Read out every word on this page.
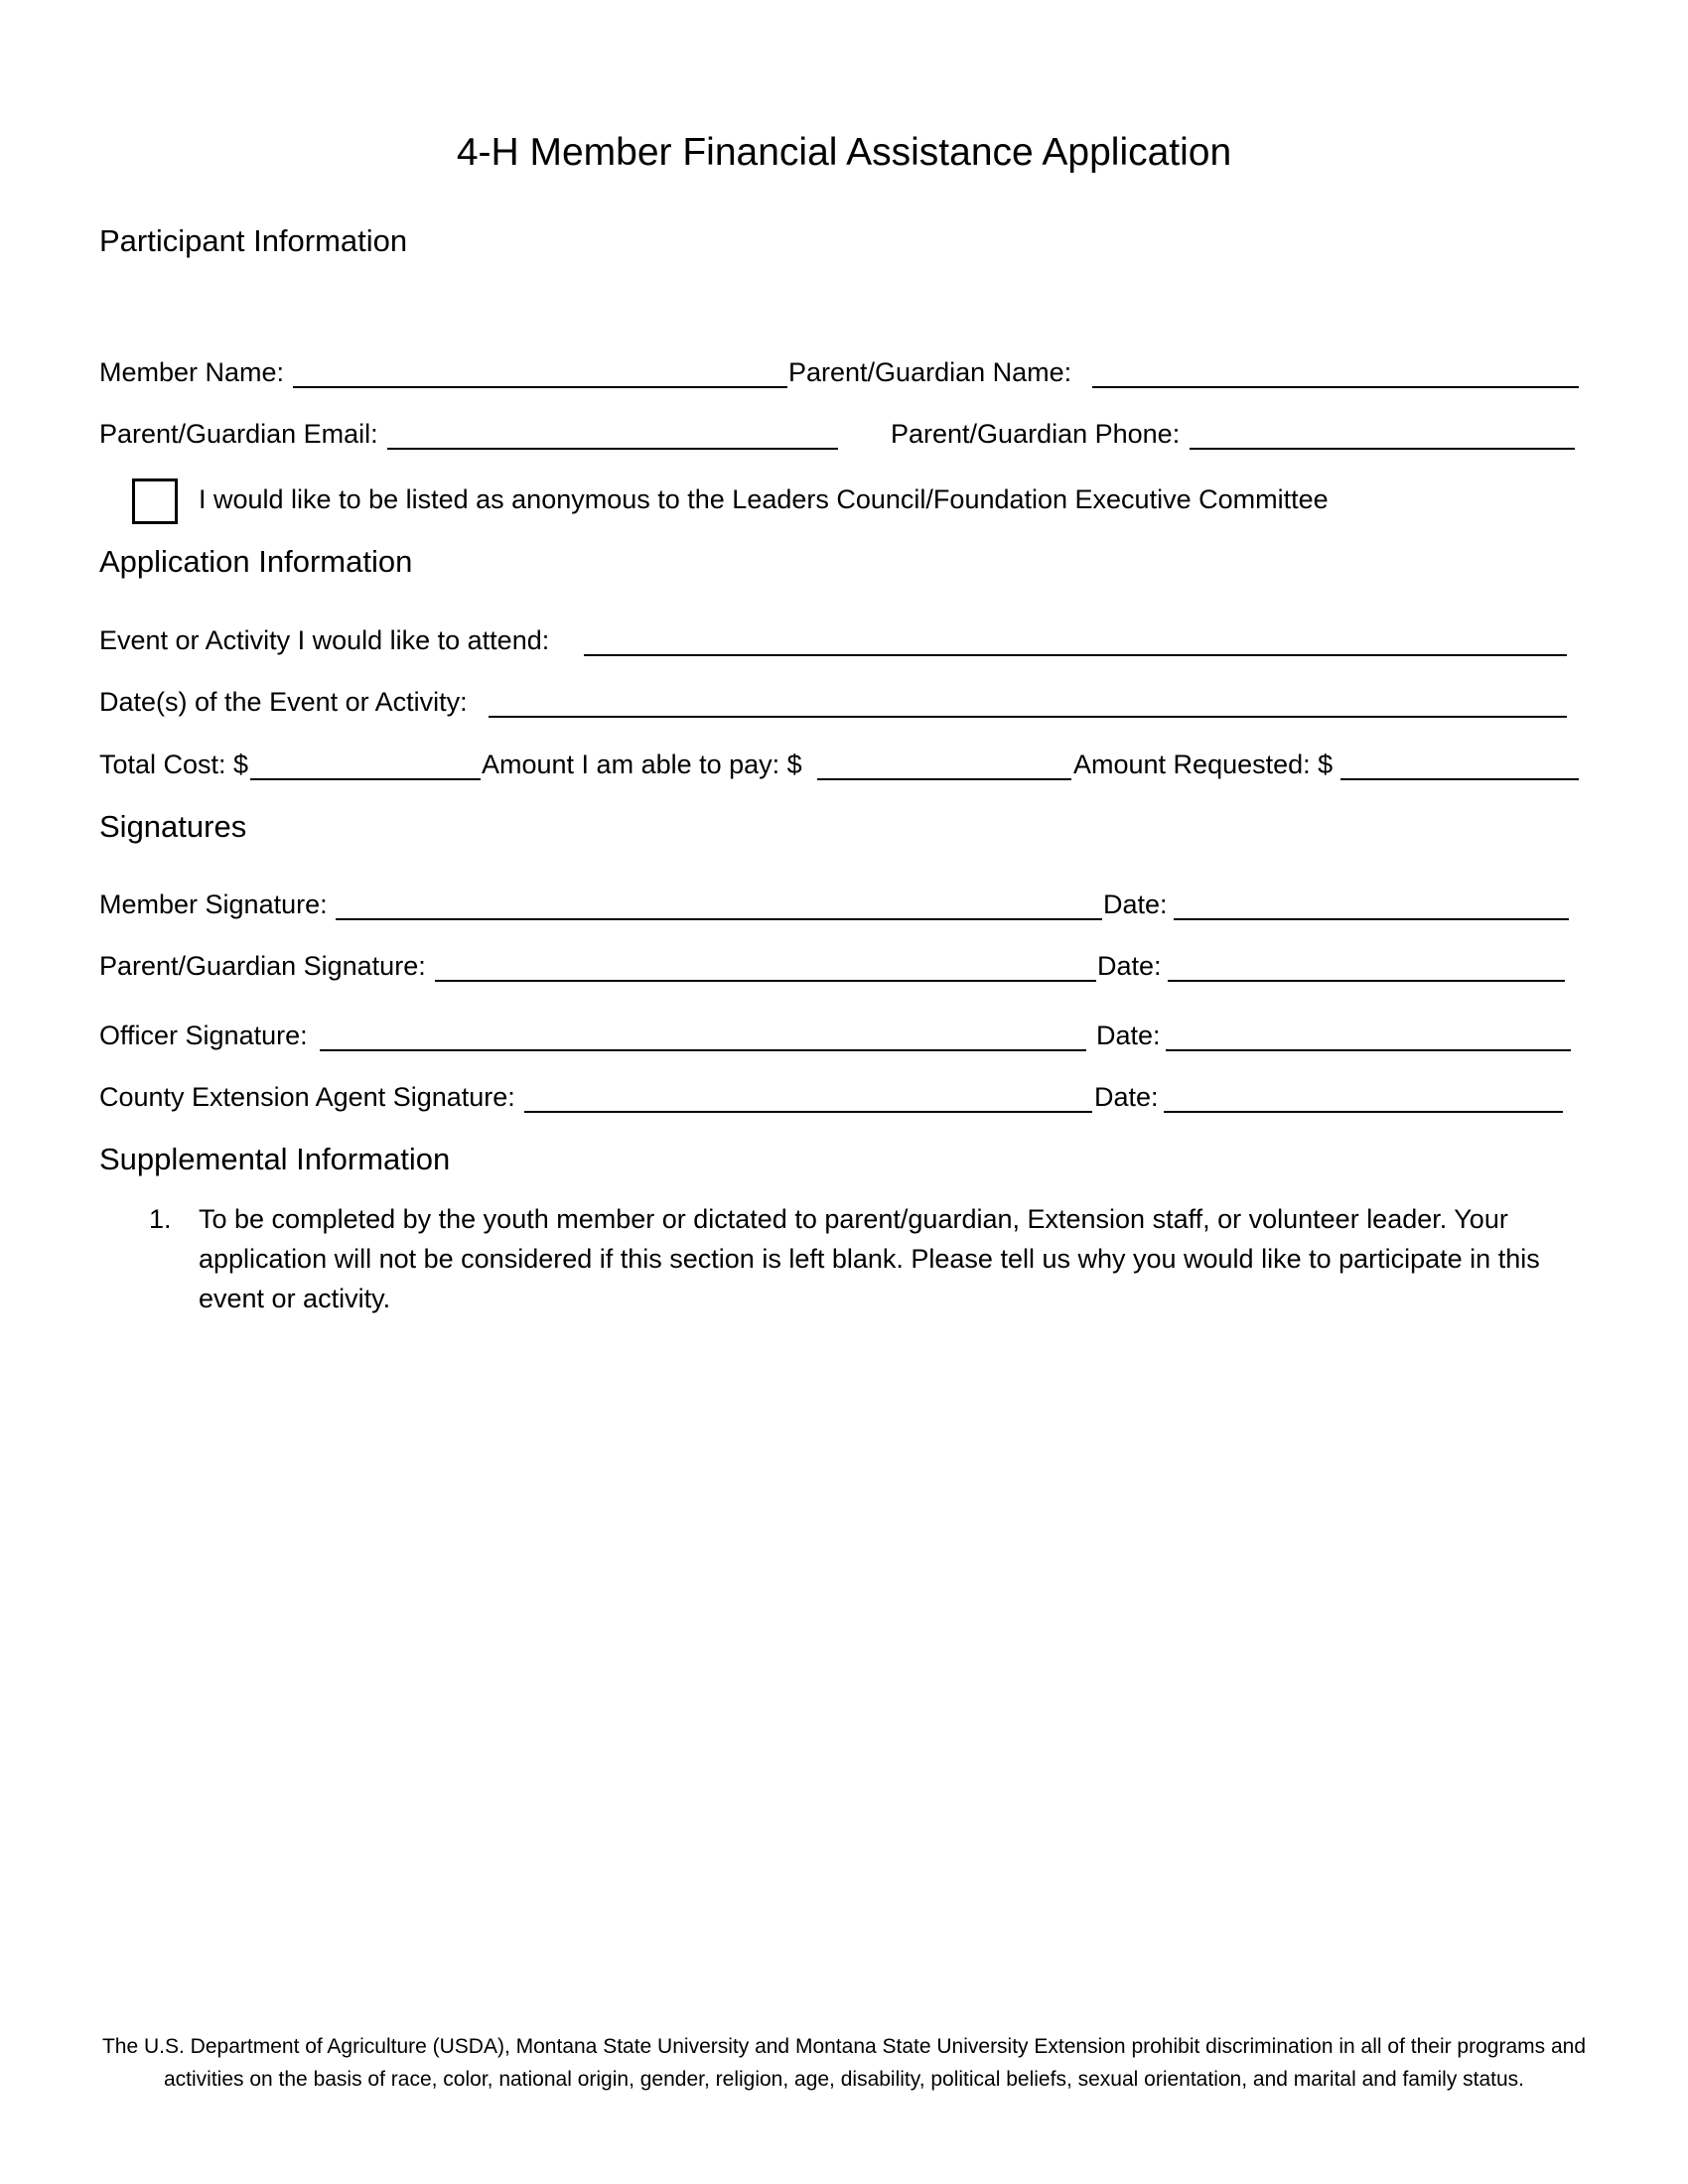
4-H Member Financial Assistance Application
Participant Information
Member Name:	Parent/Guardian Name:
Parent/Guardian Email:	Parent/Guardian Phone:
I would like to be listed as anonymous to the Leaders Council/Foundation Executive Committee
Application Information
Event or Activity I would like to attend:
Date(s) of the Event or Activity:
Total Cost: $	Amount I am able to pay: $	Amount Requested: $
Signatures
Member Signature:	Date:
Parent/Guardian Signature:	Date:
Officer Signature:	Date:
County Extension Agent Signature:	Date:
Supplemental Information
1. To be completed by the youth member or dictated to parent/guardian, Extension staff, or volunteer leader. Your application will not be considered if this section is left blank. Please tell us why you would like to participate in this event or activity.

The U.S. Department of Agriculture (USDA), Montana State University and Montana State University Extension prohibit discrimination in all of their programs and activities on the basis of race, color, national origin, gender, religion, age, disability, political beliefs, sexual orientation, and marital and family status.
